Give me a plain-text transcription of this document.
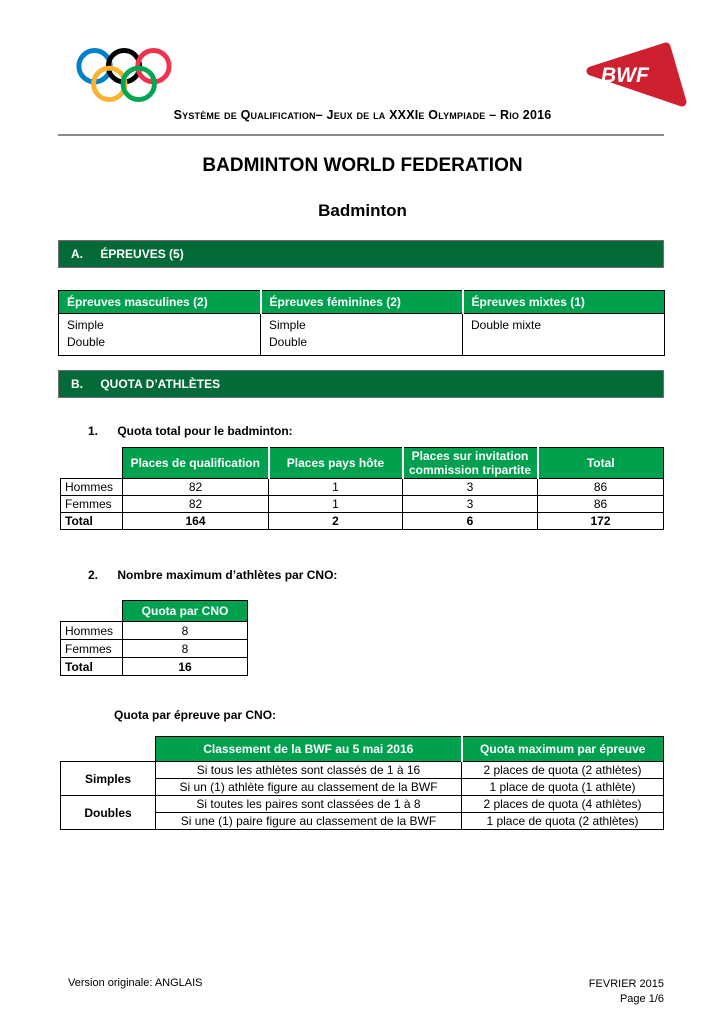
BWF
Système de Qualification– Jeux de la XXXIe Olympiade – Rio 2016
BADMINTON WORLD FEDERATION
Badminton
A. ÉPREUVES (5)
Épreuves masculines (2)	Épreuves féminines (2)	Épreuves mixtes (1)

Simple
Double

Simple
Double

Double mixte
B. QUOTA D’ATHLÈTES
1. Quota total pour le badminton:
	Places de qualification	Places pays hôte	Places sur invitation commission tripartite	Total
Hommes	82	1	3	86
Femmes	82	1	3	86
Total	164	2	6	172
2. Nombre maximum d’athlètes par CNO:
	Quota par CNO
Hommes	8
Femmes	8
Total	16
Quota par épreuve par CNO:
	Classement de la BWF au 5 mai 2016	Quota maximum par épreuve
Simples	Si tous les athlètes sont classés de 1 à 16	2 places de quota (2 athlètes)
	Si un (1) athlète figure au classement de la BWF	1 place de quota (1 athlète)
Doubles	Si toutes les paires sont classées de 1 à 8	2 places de quota (4 athlètes)
	Si une (1) paire figure au classement de la BWF	1 place de quota (2 athlètes)
Version originale: ANGLAIS	FEVRIER 2015
Page 1/6
